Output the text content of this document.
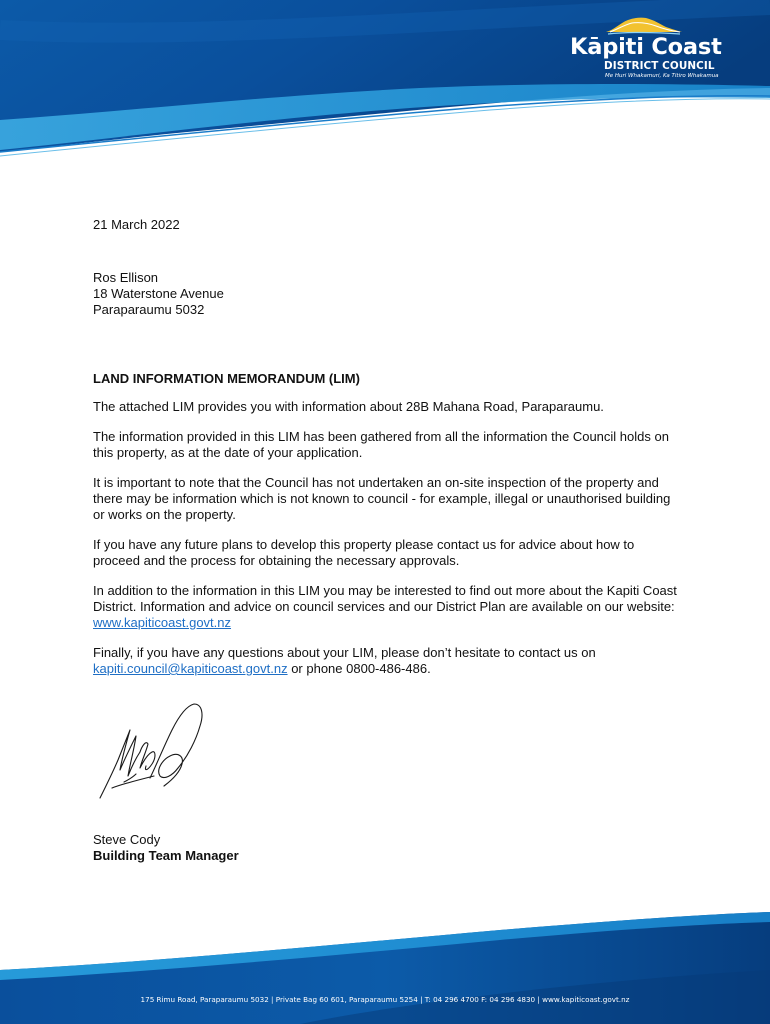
Kāpiti Coast
DISTRICT COUNCIL
Me Huri Whakamuri, Ka Titiro Whakamua

21 March 2022

Ros Ellison
18 Waterstone Avenue
Paraparaumu 5032

LAND INFORMATION MEMORANDUM (LIM)

The attached LIM provides you with information about 28B Mahana Road, Paraparaumu.

The information provided in this LIM has been gathered from all the information the Council holds on this property, as at the date of your application.

It is important to note that the Council has not undertaken an on-site inspection of the property and there may be information which is not known to council - for example, illegal or unauthorised building or works on the property.

If you have any future plans to develop this property please contact us for advice about how to proceed and the process for obtaining the necessary approvals.

In addition to the information in this LIM you may be interested to find out more about the Kapiti Coast District. Information and advice on council services and our District Plan are available on our website: www.kapiticoast.govt.nz

Finally, if you have any questions about your LIM, please don’t hesitate to contact us on kapiti.council@kapiticoast.govt.nz or phone 0800-486-486.

Steve Cody
Building Team Manager
175 Rimu Road, Paraparaumu 5032 | Private Bag 60 601, Paraparaumu 5254 | T: 04 296 4700 F: 04 296 4830 | www.kapiticoast.govt.nz
